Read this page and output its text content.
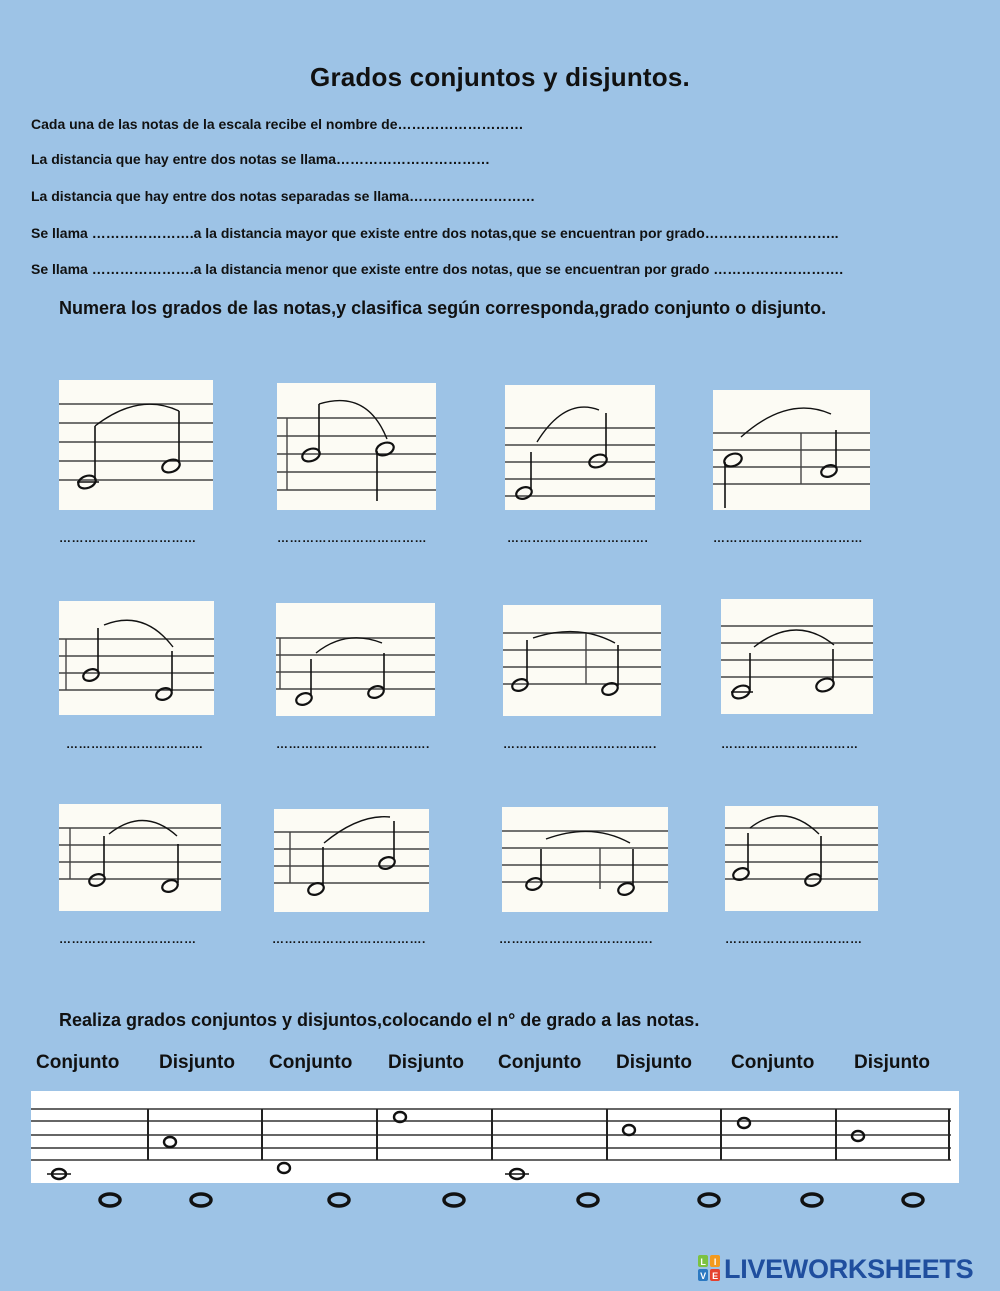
Grados conjuntos y disjuntos.
Cada una de las notas de la escala recibe el nombre de………………………
La distancia que hay entre dos notas se llama……………………………
La distancia que hay entre dos notas separadas se llama………………………
Se llama ………………….a la distancia mayor que existe entre dos notas,que se encuentran por grado………………………..
Se llama ………………….a la distancia menor que existe entre dos notas, que se encuentran por grado ……………………….
Numera los grados de las notas,y clasifica según corresponda,grado conjunto o disjunto.
……………………………	………………………………	…………………………….	………………………………
……………………………	……………………………….	……………………………….	……………………………
……………………………	……………………………….	……………………………….	……………………………
Realiza grados conjuntos y disjuntos,colocando el n° de grado a las notas.
Conjunto Disjunto Conjunto Disjunto Conjunto Disjunto Conjunto Disjunto
L I
V E LIVEWORKSHEETS
